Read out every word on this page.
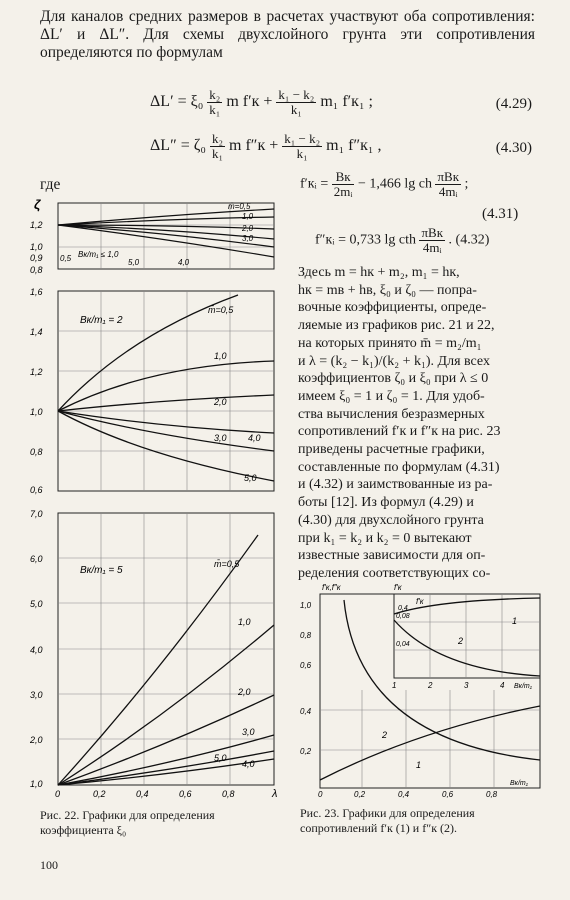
Для каналов средних размеров в расчетах участвуют оба сопротивления: ΔL′ и ΔL″. Для схемы двухслойного грунта эти сопротивления определяются по формулам
$\Delta L' = \xi_0 \frac{\text{k₂}}{\text{k₁}}$ m $f'к + \frac{\text{k₁ − k₂}}{\text{k₁}} m_1$ f′к₁ ;	(4.29)
$\Delta L'' = \zeta_0 \frac{\text{k₂}}{\text{k₁}}$ m $f''к + \frac{\text{k₁ − k₂}}{\text{k₁}} m_1$ f″к₁ ,	(4.30)
где	f′кᵢ = $\frac{Bк}{\text{2mᵢ}} - 1,466$ lg ch $\frac{\text{πBк}}{\text{4mᵢ}}$ ;
(4.31)
f″кᵢ = 0,733 lg cth $\frac{\text{πBк}}{\text{4mᵢ}}$ . (4.32)
Здесь m = hк + m₂, m₁ = hк,
hк = mв + hв, ξ₀ и ζ₀ — попра-
вочные коэффициенты, опреде-
ляемые из графиков рис. 21 и 22,
на которых принято m̄ = m₂/m₁
и λ = (k₂ − k₁)/(k₂ + k₁). Для всех
коэффициентов ζ₀ и ξ₀ при λ ≤ 0
имеем ξ₀ = 1 и ζ₀ = 1. Для удоб-
ства вычисления безразмерных
сопротивлений f′к и f″к на рис. 23
приведены расчетные графики,
составленные по формулам (4.31)
и (4.32) и заимствованные из ра-
боты [12]. Из формул (4.29) и
(4.30) для двухслойного грунта
при k₁ = k₂ и k₂ = 0 вытекают
известные зависимости для оп-
ределения соответствующих со-
ζ
1,2
1,0
0,9
0,8
m̄=0,5
1,0
2,0
3,0
0,5 Bк/m₁ ≤ 1,0
5,0	4,0
1,6
1,4
1,2
1,0
0,8
0,6
Bк/m₁ = 2
m̄=0,5
1,0
2,0
3,0 4,0
5,0
7,0
6,0
5,0
4,0
3,0
2,0
1,0
Bк/m₁ = 5
m̄=0,5
1,0
2,0
3,0
4,0
5,0
0	0,2	0,4	0,6	0,8	λ
Рис. 22. Графики для определения коэффициента ξ₀
f′к,f″к	f′к
f′к
1,0
0,8
0,6
0,08
0,04
0,4
1	2	3	4 Bк/m₁
0,4
0,2
0	0,2	0,4	0,6	0,8
Bк/m₁
1
2
2
1
Рис. 23. Графики для определения сопротивлений f′к (1) и f″к (2).
100
